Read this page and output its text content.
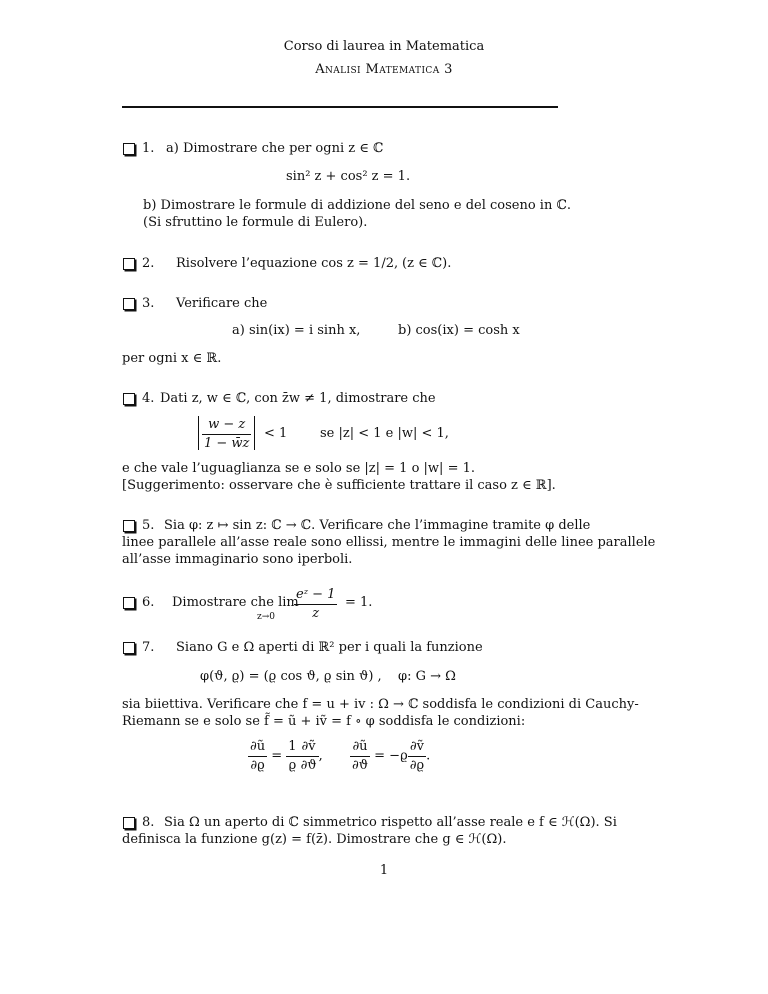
Corso di laurea in Matematica
Analisi Matematica 3
1. a) Dimostrare che per ogni z ∈ ℂ
sin² z + cos² z = 1.
b) Dimostrare le formule di addizione del seno e del coseno in ℂ.
(Si sfruttino le formule di Eulero).
2. Risolvere l’equazione cos z = 1/2, (z ∈ ℂ).
3. Verificare che
a) sin(ix) = i sinh x,	b) cos(ix) = cosh x
per ogni x ∈ ℝ.
4. Dati z, w ∈ ℂ, con z̄w ≠ 1, dimostrare che
$\frac{w - z}{1 - w̄z} < 1$	se |z| < 1 e |w| < 1,
e che vale l’uguaglianza se e solo se |z| = 1 o |w| = 1.
[Suggerimento: osservare che è sufficiente trattare il caso z ∈ ℝ].
5. Sia φ: z ↦ sin z: ℂ → ℂ. Verificare che l’immagine tramite φ delle
linee parallele all’asse reale sono ellissi, mentre le immagini delle linee parallele
all’asse immaginario sono iperboli.
6. Dimostrare che lim
$z\to 0 \frac{\text{eᶻ − 1}}{z} = 1$.
7. Siano G e Ω aperti di ℝ² per i quali la funzione
φ(ϑ, ϱ) = (ϱ cos ϑ, ϱ sin ϑ) , φ: G → Ω
sia biiettiva. Verificare che f = u + iv : Ω → ℂ soddisfa le condizioni di Cauchy-
Riemann se e solo se f̃ = ũ + iṽ = f ∘ φ soddisfa le condizioni:
$\frac{\partial ũ}{\partial ϱ} = \frac{1}{ϱ} \frac{\text{∂ṽ}}{\partial ϑ}$ , $\frac{\partial ũ}{\partial ϑ} = -ϱ \frac{\text{∂ṽ}}{\partial ϱ}$ .
8. Sia Ω un aperto di ℂ simmetrico rispetto all’asse reale e f ∈ ℋ(Ω). Si
definisca la funzione g(z) = f(z̄). Dimostrare che g ∈ ℋ(Ω).
1
